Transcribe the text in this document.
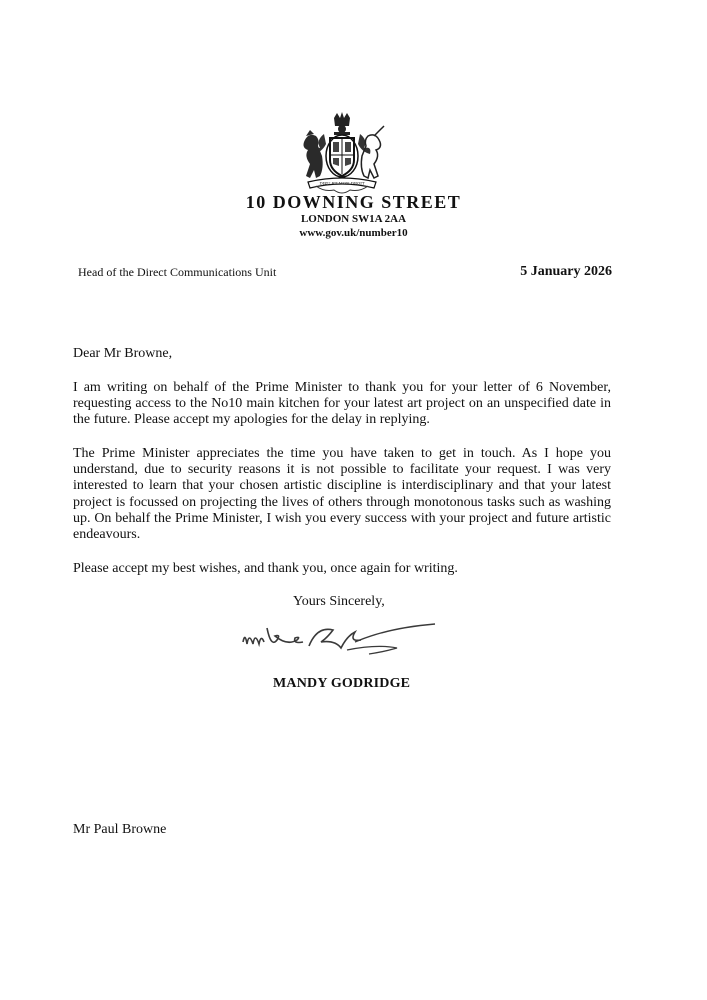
DIEU ET MON DROIT
10 DOWNING STREET
LONDON SW1A 2AA
www.gov.uk/number10
Head of the Direct Communications Unit	5 January 2026
Dear Mr Browne,

I am writing on behalf of the Prime Minister to thank you for your letter of 6 November, requesting access to the No10 main kitchen for your latest art project on an unspecified date in the future. Please accept my apologies for the delay in replying.

The Prime Minister appreciates the time you have taken to get in touch. As I hope you understand, due to security reasons it is not possible to facilitate your request. I was very interested to learn that your chosen artistic discipline is interdisciplinary and that your latest project is focussed on projecting the lives of others through monotonous tasks such as washing up. On behalf the Prime Minister, I wish you every success with your project and future artistic endeavours.

Please accept my best wishes, and thank you, once again for writing.
Yours Sincerely,
MANDY GODRIDGE
Mr Paul Browne
